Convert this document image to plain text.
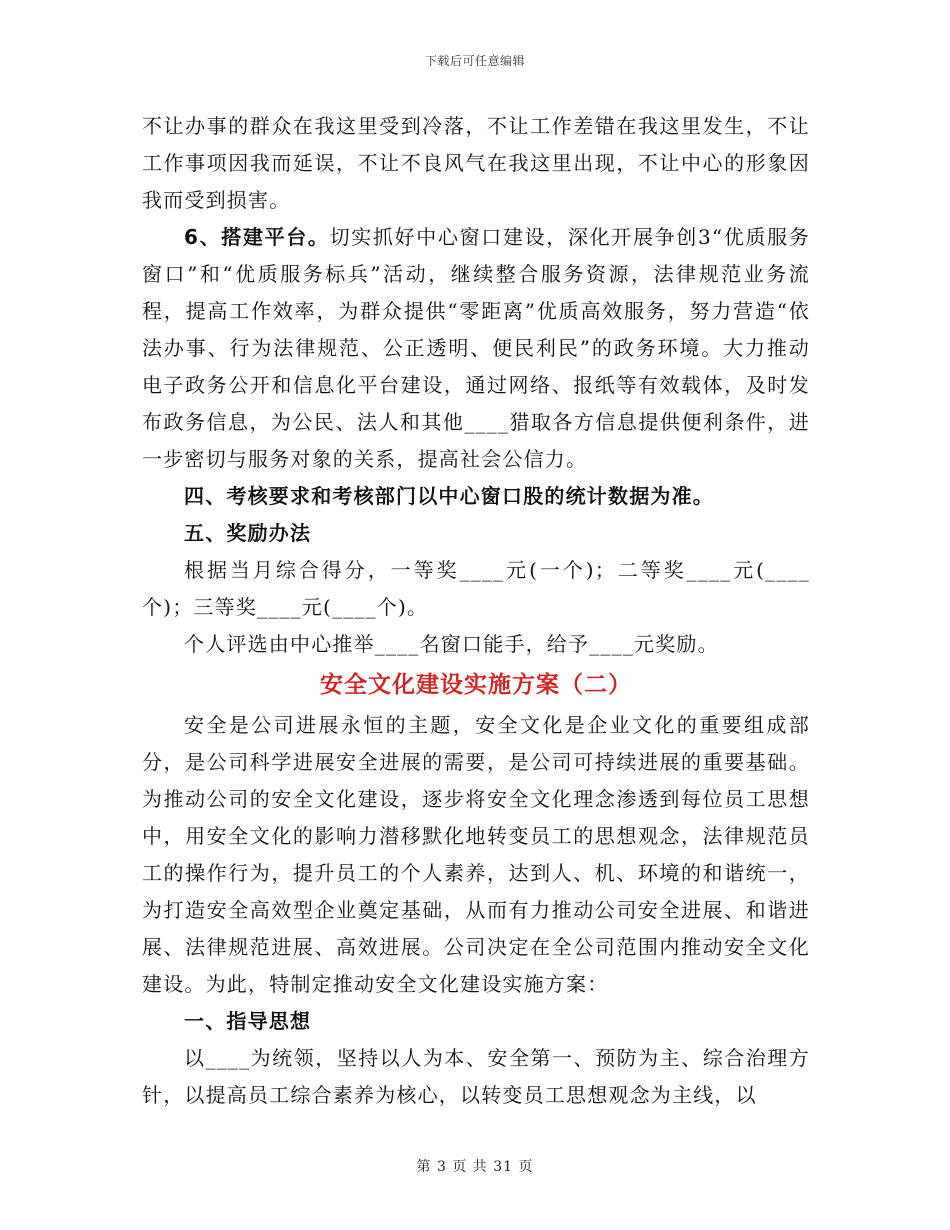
下载后可任意编辑

不让办事的群众在我这里受到冷落，不让工作差错在我这里发生，不让工作事项因我而延误，不让不良风气在我这里出现，不让中心的形象因我而受到损害。

6、搭建平台。切实抓好中心窗口建设，深化开展争创3“优质服务窗口”和“优质服务标兵”活动，继续整合服务资源，法律规范业务流程，提高工作效率，为群众提供“零距离”优质高效服务，努力营造“依法办事、行为法律规范、公正透明、便民利民”的政务环境。大力推动电子政务公开和信息化平台建设，通过网络、报纸等有效载体，及时发布政务信息，为公民、法人和其他____猎取各方信息提供便利条件，进一步密切与服务对象的关系，提高社会公信力。

四、考核要求和考核部门以中心窗口股的统计数据为准。

五、奖励办法

根据当月综合得分，一等奖____元(一个)；二等奖____元(____个)；三等奖____元(____个)。

个人评选由中心推举____名窗口能手，给予____元奖励。

安全文化建设实施方案（二）

安全是公司进展永恒的主题，安全文化是企业文化的重要组成部分，是公司科学进展安全进展的需要，是公司可持续进展的重要基础。为推动公司的安全文化建设，逐步将安全文化理念渗透到每位员工思想中，用安全文化的影响力潜移默化地转变员工的思想观念，法律规范员工的操作行为，提升员工的个人素养，达到人、机、环境的和谐统一，为打造安全高效型企业奠定基础，从而有力推动公司安全进展、和谐进展、法律规范进展、高效进展。公司决定在全公司范围内推动安全文化建设。为此，特制定推动安全文化建设实施方案：

一、指导思想

以____为统领，坚持以人为本、安全第一、预防为主、综合治理方针，以提高员工综合素养为核心，以转变员工思想观念为主线，以

第 3 页 共 31 页
